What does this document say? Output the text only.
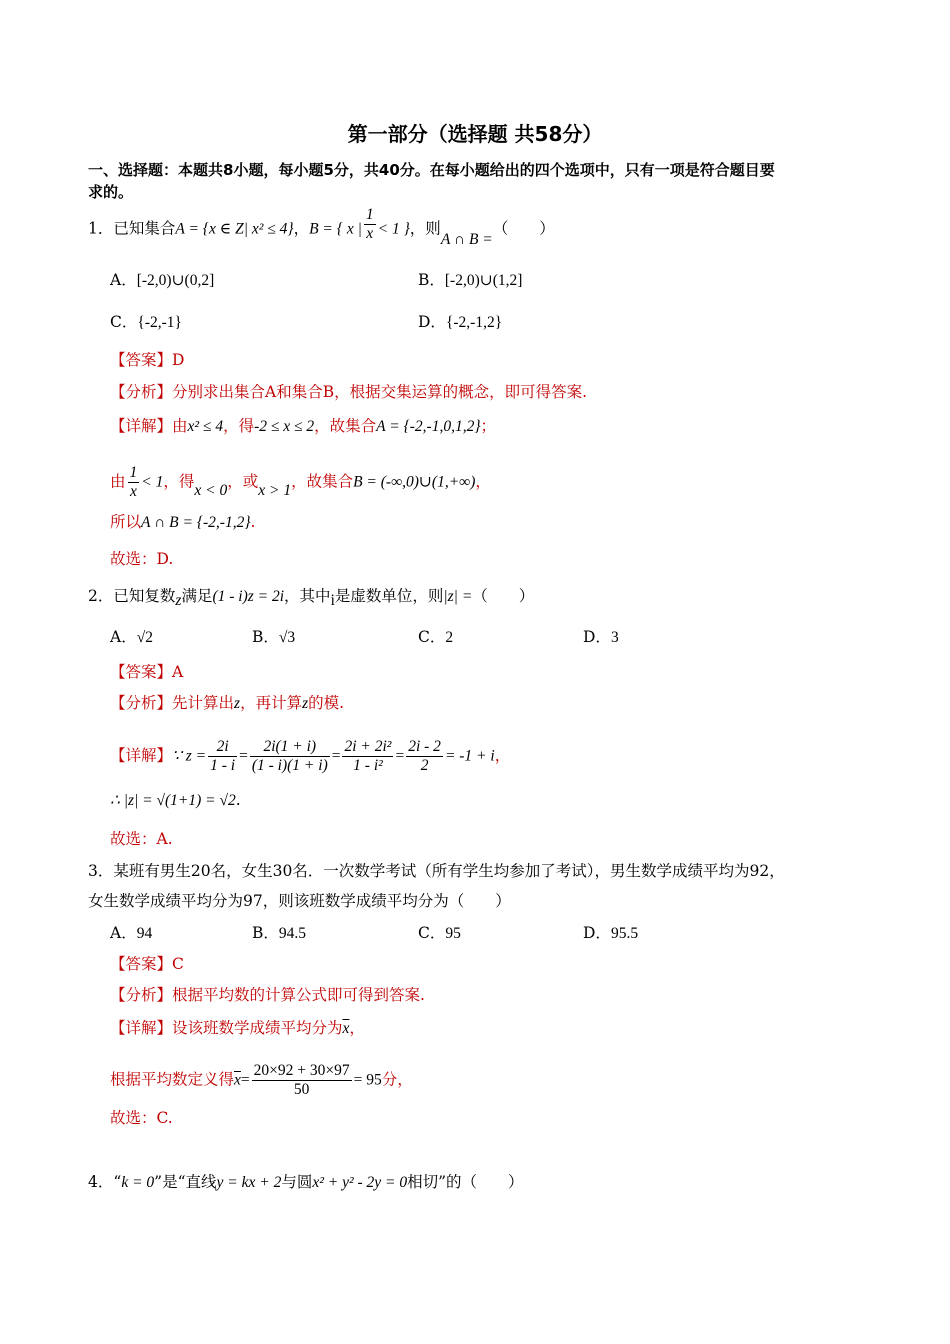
第一部分（选择题 共58分）
一、选择题：本题共8小题，每小题5分，共40分。在每小题给出的四个选项中，只有一项是符合题目要
求的。
1．已知集合A = {x ∈ Z| x² ≤ 4}，B = { x | $\frac{1}{x} < 1$ }，则A ∩ B =（　　）
A．[-2,0)∪(0,2]	B．[-2,0)∪(1,2]
C．{-2,-1}	D．{-2,-1,2}
【答案】D
【分析】分别求出集合A和集合B，根据交集运算的概念，即可得答案.
【详解】由x² ≤ 4，得-2 ≤ x ≤ 2，故集合A = {-2,-1,0,1,2}；
由 $\frac{1}{x} < 1$，得x < 0，或x > 1，故集合B = (-∞,0)∪(1,+∞)，
所以A ∩ B = {-2,-1,2}.
故选：D.
2．已知复数z满足(1 - i)z = 2i，其中i是虚数单位，则|z| =（　　）
A．√2	B．√3	C．2	D．3
【答案】A
【分析】先计算出z，再计算z的模.
【详解】∵ $z = \frac{2i}{1 - i} = \frac{2i(1 + i)}{(1 - i)(1 + i)} = \frac{\text{2i + 2i²}}{\text{1 - i²}} = \frac{2i - 2}{2} = -1 + i$，
∴ |z| = √(1+1) = √2.
故选：A.
3．某班有男生20名，女生30名．一次数学考试（所有学生均参加了考试），男生数学成绩平均为92，
女生数学成绩平均分为97，则该班数学成绩平均分为（　　）
A．94	B．94.5	C．95	D．95.5
【答案】C
【分析】根据平均数的计算公式即可得到答案.
【详解】设该班数学成绩平均分为$\overline{x}$，
根据平均数定义得$\overline{x}= \frac{20\times 92 + 30\times 97}{50} = 95$分，
故选：C.
4．“k = 0”是“直线y = kx + 2与圆x² + y² - 2y = 0相切”的（　　）
